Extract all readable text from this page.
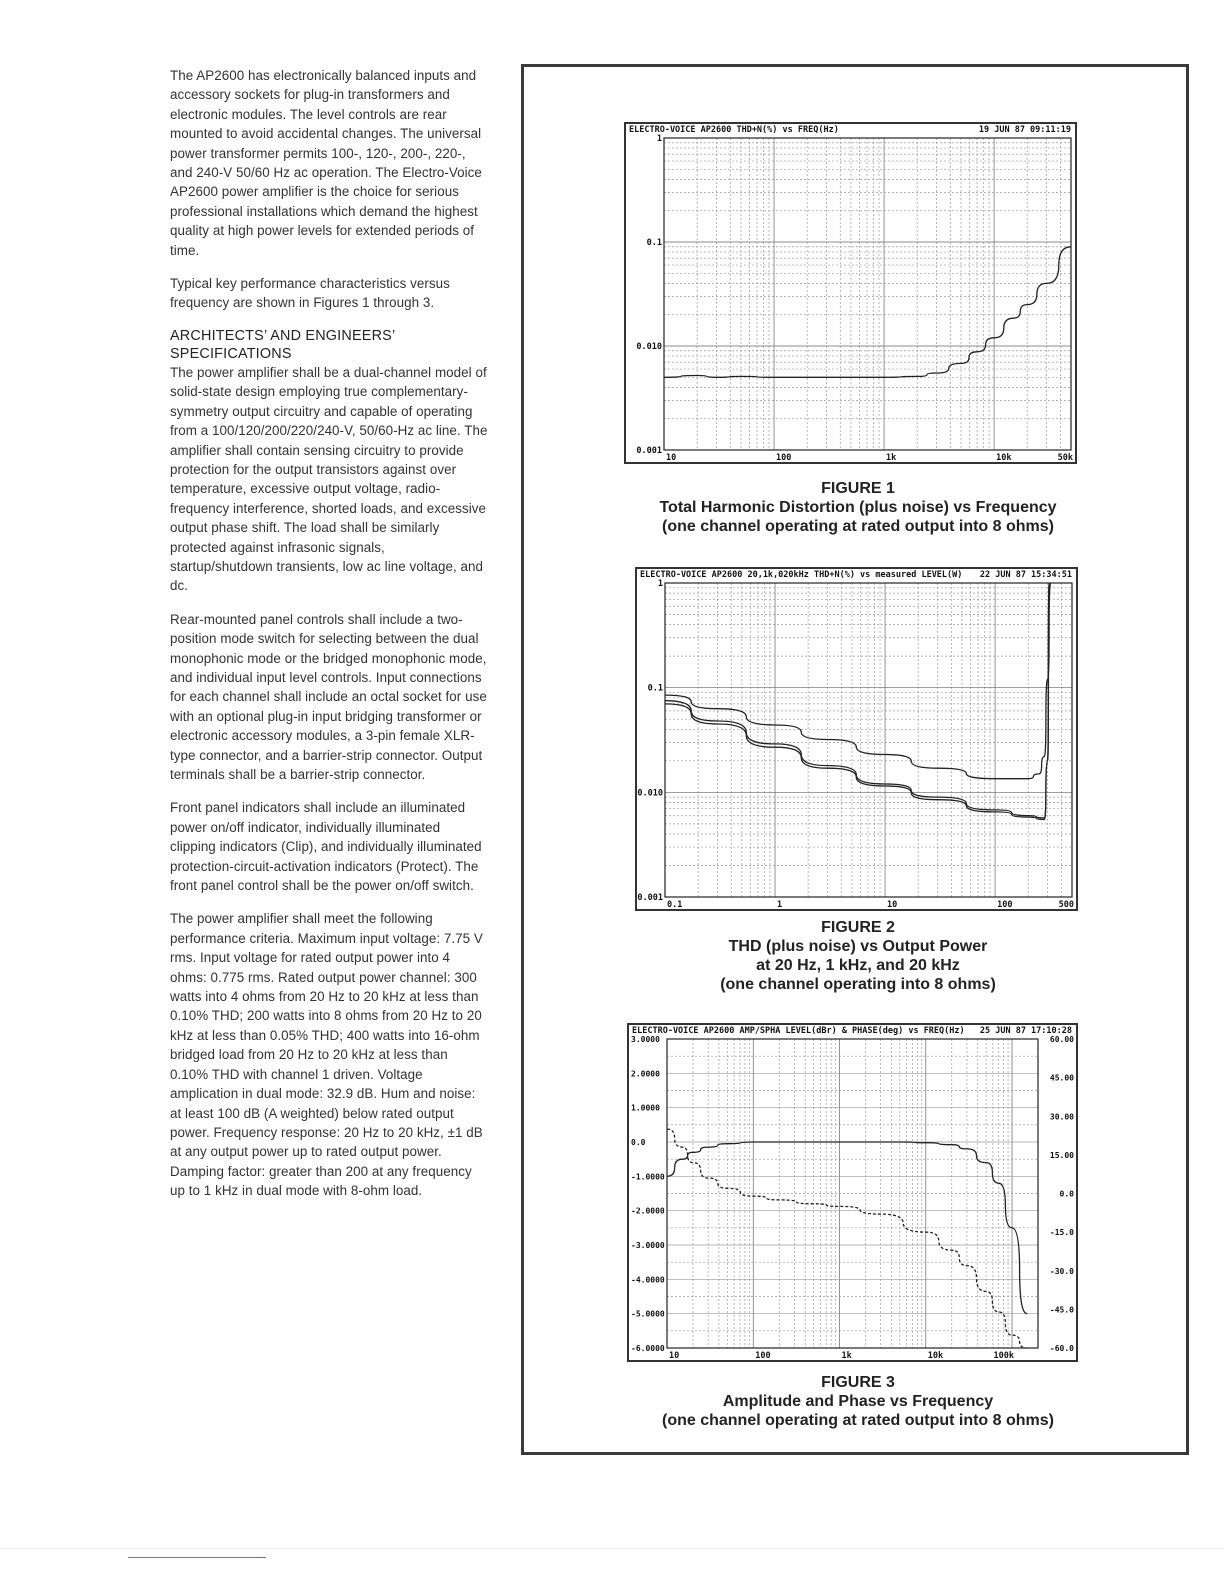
The AP2600 has electronically balanced inputs and accessory sockets for plug-in transformers and electronic modules. The level controls are rear mounted to avoid accidental changes. The universal power transformer permits 100-, 120-, 200-, 220-, and 240-V 50/60 Hz ac operation. The Electro-Voice AP2600 power amplifier is the choice for serious professional installations which demand the highest quality at high power levels for extended periods of time.

Typical key performance characteristics versus frequency are shown in Figures 1 through 3.

ARCHITECTS’ AND ENGINEERS’

SPECIFICATIONS

The power amplifier shall be a dual-channel model of solid-state design employing true complementary-symmetry output circuitry and capable of operating from a 100/120/200/220/240-V, 50/60-Hz ac line. The amplifier shall contain sensing circuitry to provide protection for the output transistors against over temperature, excessive output voltage, radio-frequency interference, shorted loads, and excessive output phase shift. The load shall be similarly protected against infrasonic signals, startup/shutdown transients, low ac line voltage, and dc.

Rear-mounted panel controls shall include a two-position mode switch for selecting between the dual monophonic mode or the bridged monophonic mode, and individual input level controls. Input connections for each channel shall include an octal socket for use with an optional plug-in input bridging transformer or electronic accessory modules, a 3-pin female XLR-type connector, and a barrier-strip connector. Output terminals shall be a barrier-strip connector.

Front panel indicators shall include an illuminated power on/off indicator, individually illuminated clipping indicators (Clip), and individually illuminated protection-circuit-activation indicators (Protect). The front panel control shall be the power on/off switch.

The power amplifier shall meet the following performance criteria. Maximum input voltage: 7.75 V rms. Input voltage for rated output power into 4 ohms: 0.775 rms. Rated output power channel: 300 watts into 4 ohms from 20 Hz to 20 kHz at less than 0.10% THD; 200 watts into 8 ohms from 20 Hz to 20 kHz at less than 0.05% THD; 400 watts into 16-ohm bridged load from 20 Hz to 20 kHz at less than 0.10% THD with channel 1 driven. Voltage amplication in dual mode: 32.9 dB. Hum and noise: at least 100 dB (A weighted) below rated output power. Frequency response: 20 Hz to 20 kHz, ±1 dB at any output power up to rated output power. Damping factor: greater than 200 at any frequency up to 1 kHz in dual mode with 8-ohm load.

ELECTRO-VOICE AP2600 THD+N(%) vs FREQ(Hz)	19 JUN 87 09:11:19
10	100	1k	10k	50k
1
0.1
0.010
0.001
FIGURE 1
Total Harmonic Distortion (plus noise) vs Frequency
(one channel operating at rated output into 8 ohms)
ELECTRO-VOICE AP2600 20,1k,020kHz THD+N(%) vs measured LEVEL(W) 22 JUN 87 15:34:51
0.1	1	10	100	500
1
0.1
0.010
0.001
FIGURE 2
THD (plus noise) vs Output Power
at 20 Hz, 1 kHz, and 20 kHz
(one channel operating into 8 ohms)
ELECTRO-VOICE AP2600 AMP/SPHA LEVEL(dBr) & PHASE(deg) vs FREQ(Hz) 25 JUN 87 17:10:28
10	100	1k	10k	100k
3.0000
2.0000
1.0000
0.0
-1.0000
-2.0000
-3.0000
-4.0000
-5.0000
-6.0000
60.00
45.00
30.00
15.00
0.0
-15.0
-30.0
-45.0
-60.0
FIGURE 3
Amplitude and Phase vs Frequency
(one channel operating at rated output into 8 ohms)
